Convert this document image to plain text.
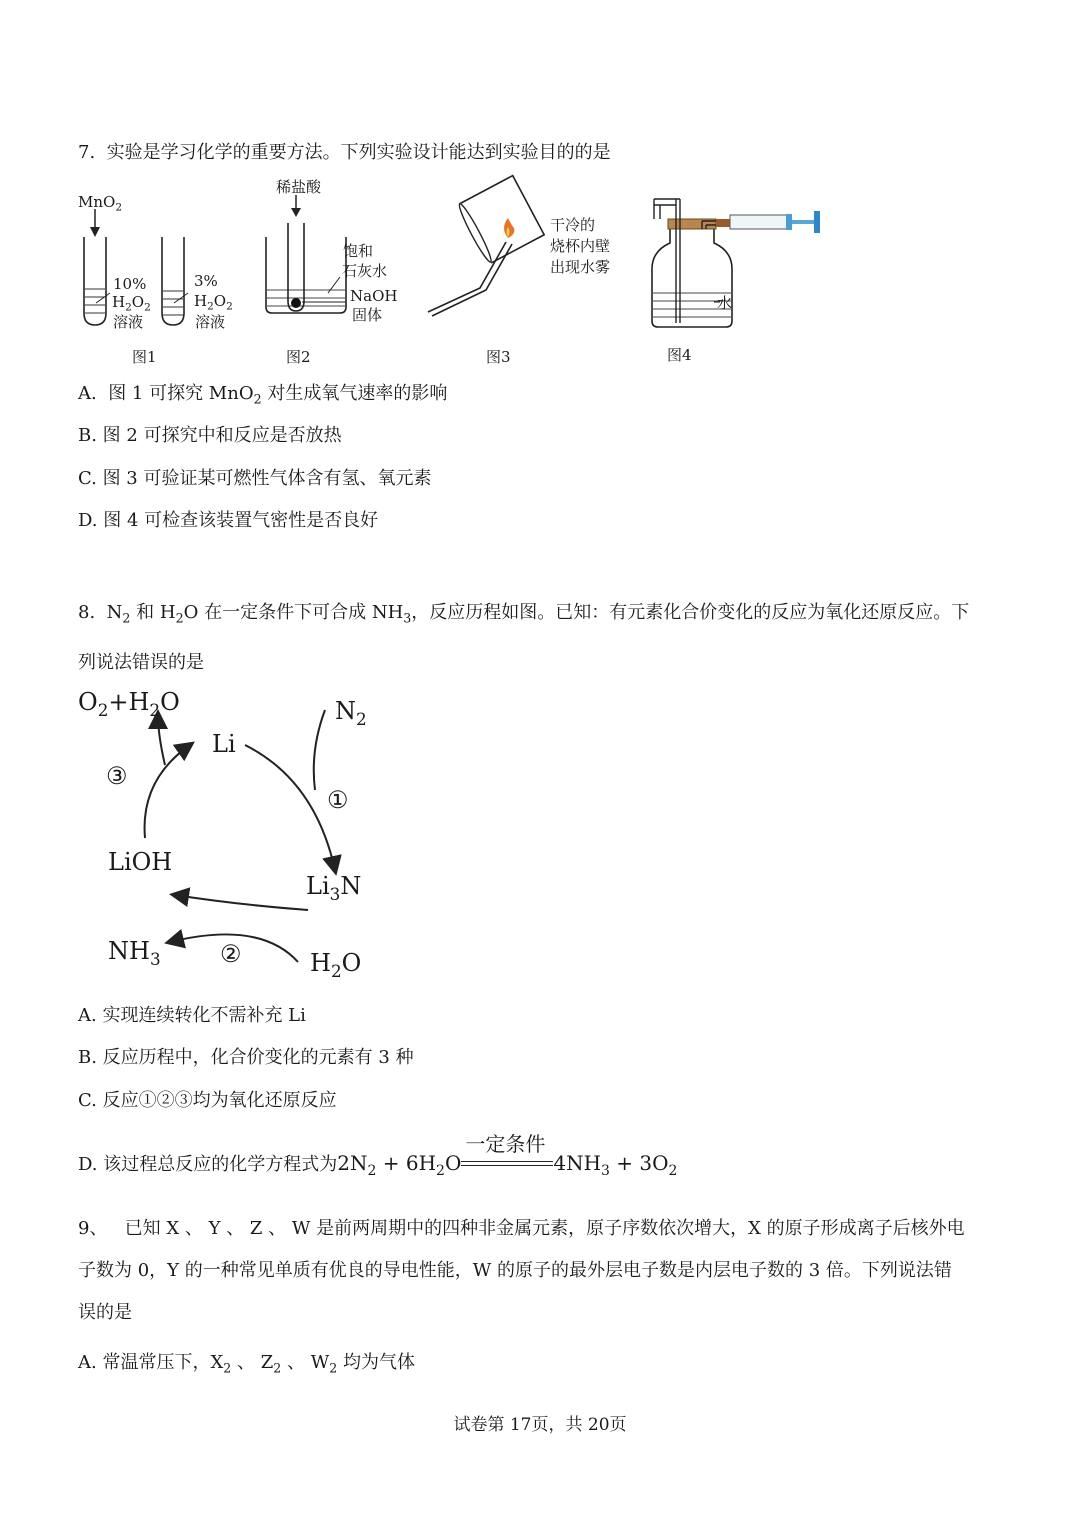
7. 实验是学习化学的重要方法。下列实验设计能达到实验目的的是
MnO$_2$
10%
$H_2O_2$
溶液
3%
$H_2O_2$
溶液
图1
稀盐酸
饱和
石灰水
NaOH
固体
图2
干冷的
烧杯内壁
出现水雾
图3
水
图4
A. 图 1 可探究 MnO$_2$ 对生成氧气速率的影响
B. 图 2 可探究中和反应是否放热
C. 图 3 可验证某可燃性气体含有氢、氧元素
D. 图 4 可检查该装置气密性是否良好
8. $N_2$ 和 $H_2O$ 在一定条件下可合成 $NH_3$，反应历程如图。已知：有元素化合价变化的反应为氧化还原反应。下
列说法错误的是
$O_2+H_2O$
Li
$N_2$
③
①
LiOH
$Li_3N$
$NH_3$ ②	$H_2O$
A. 实现连续转化不需补充 Li
B. 反应历程中，化合价变化的元素有 3 种
C. 反应①②③均为氧化还原反应
D. 该过程总反应的化学方程式为$2N_2 + 6H_2O$
一定条件
$4NH_3 + 3O_2$
9、 已知 X 、 Y 、 Z 、 W 是前两周期中的四种非金属元素，原子序数依次增大，X 的原子形成离子后核外电
子数为 0，Y 的一种常见单质有优良的导电性能，W 的原子的最外层电子数是内层电子数的 3 倍。下列说法错
误的是
A. 常温常压下，$X_2$ 、 $Z_2$ 、 $W_2$ 均为气体
试卷第 17页，共 20页
